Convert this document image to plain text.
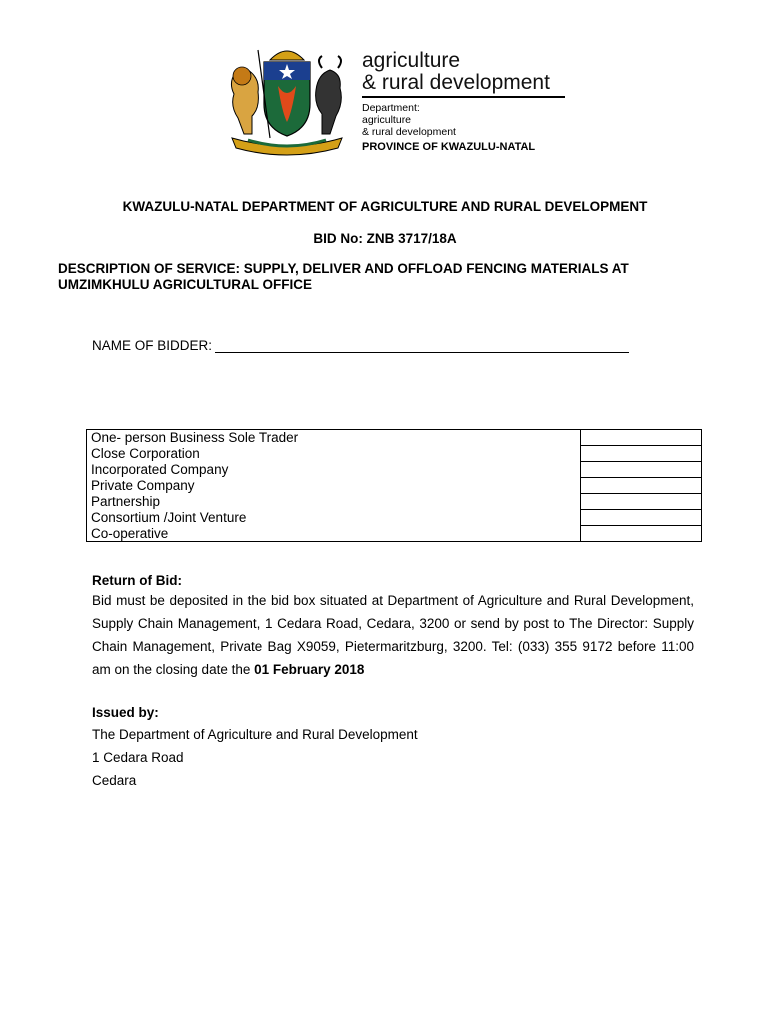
agriculture
& rural development
Department:
agriculture
& rural development
PROVINCE OF KWAZULU-NATAL
KWAZULU-NATAL DEPARTMENT OF AGRICULTURE AND RURAL DEVELOPMENT
BID No: ZNB 3717/18A
DESCRIPTION OF SERVICE: SUPPLY, DELIVER AND OFFLOAD FENCING MATERIALS AT UMZIMKHULU AGRICULTURAL OFFICE
NAME OF BIDDER:
One- person Business Sole Trader	
Close Corporation	
Incorporated Company	
Private Company	
Partnership	
Consortium /Joint Venture	
Co-operative	
Return of Bid:
Bid must be deposited in the bid box situated at Department of Agriculture and Rural Development, Supply Chain Management, 1 Cedara Road, Cedara, 3200 or send by post to The Director: Supply Chain Management, Private Bag X9059, Pietermaritzburg, 3200. Tel: (033) 355 9172 before 11:00 am on the closing date the 01 February 2018
Issued by:
The Department of Agriculture and Rural Development
1 Cedara Road
Cedara
